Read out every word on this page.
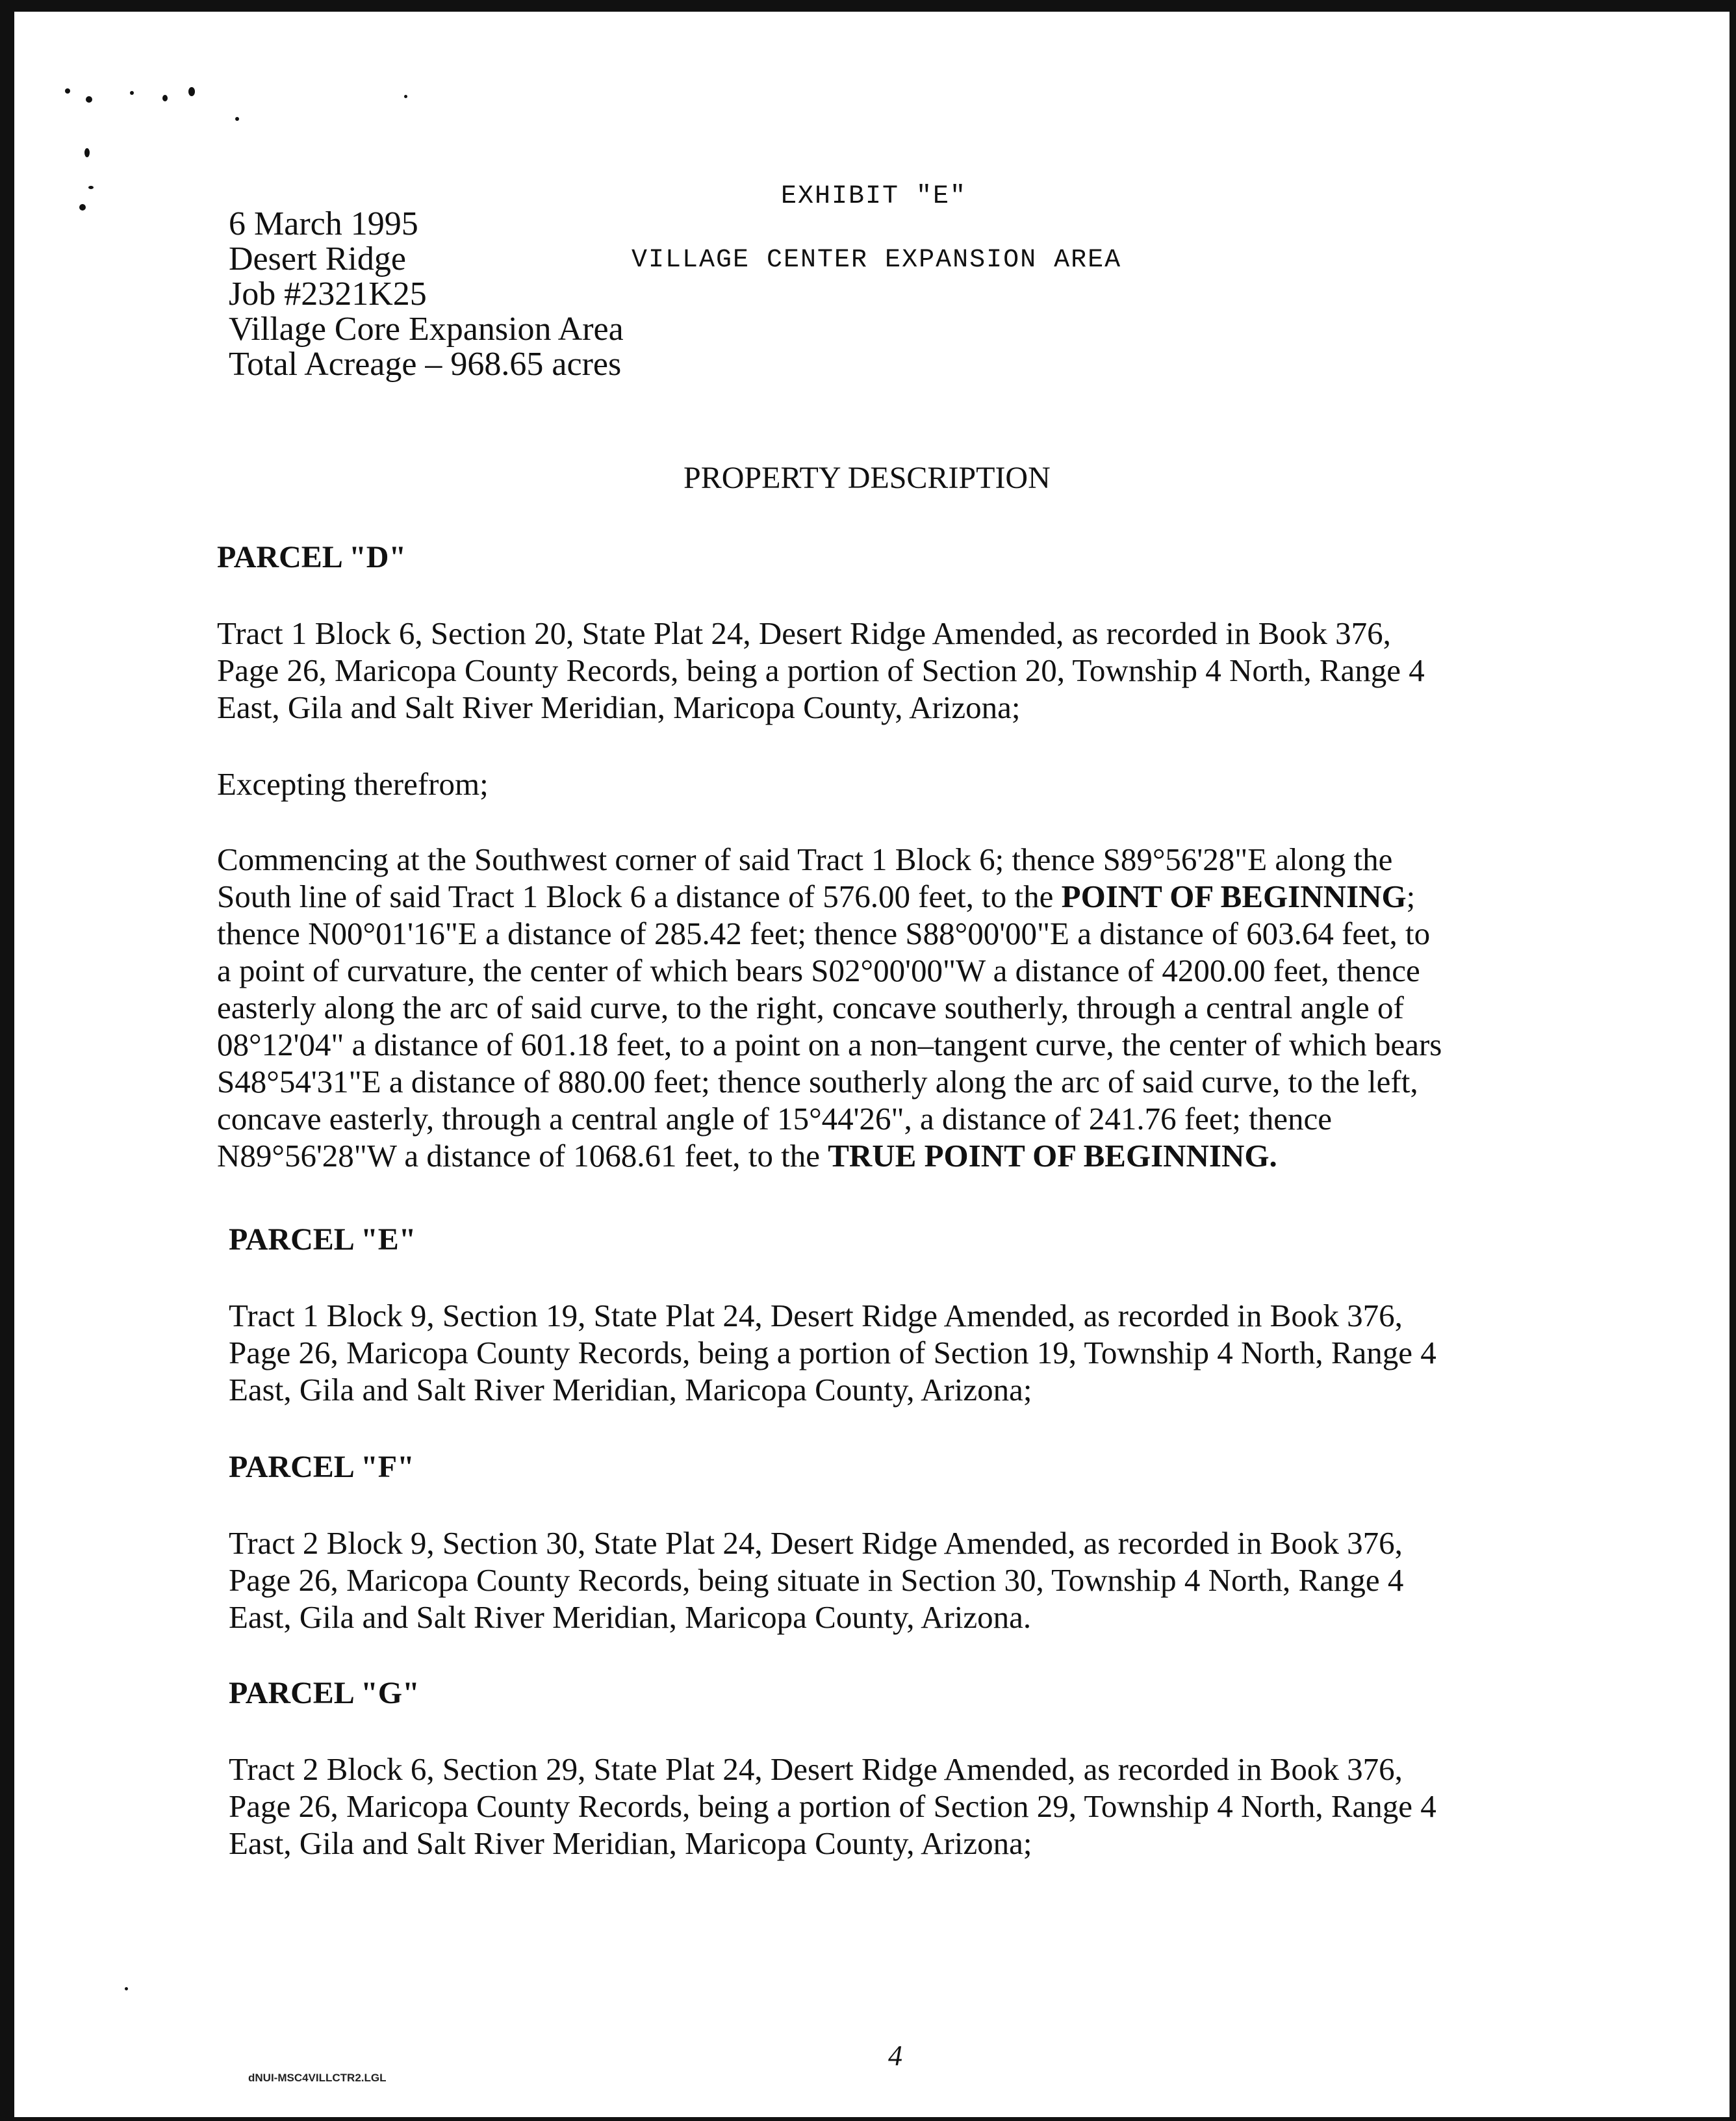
EXHIBIT "E"
VILLAGE CENTER EXPANSION AREA
6 March 1995
Desert Ridge
Job #2321K25
Village Core Expansion Area
Total Acreage – 968.65 acres
PROPERTY DESCRIPTION
PARCEL "D"
Tract 1 Block 6, Section 20, State Plat 24, Desert Ridge Amended, as recorded in Book 376,
Page 26, Maricopa County Records, being a portion of Section 20, Township 4 North, Range 4
East, Gila and Salt River Meridian, Maricopa County, Arizona;
Excepting therefrom;
Commencing at the Southwest corner of said Tract 1 Block 6; thence S89°56'28"E along the
South line of said Tract 1 Block 6 a distance of 576.00 feet, to the POINT OF BEGINNING;
thence N00°01'16"E a distance of 285.42 feet; thence S88°00'00"E a distance of 603.64 feet, to
a point of curvature, the center of which bears S02°00'00"W a distance of 4200.00 feet, thence
easterly along the arc of said curve, to the right, concave southerly, through a central angle of
08°12'04" a distance of 601.18 feet, to a point on a non–tangent curve, the center of which bears
S48°54'31"E a distance of 880.00 feet; thence southerly along the arc of said curve, to the left,
concave easterly, through a central angle of 15°44'26", a distance of 241.76 feet; thence
N89°56'28"W a distance of 1068.61 feet, to the TRUE POINT OF BEGINNING.
PARCEL "E"
Tract 1 Block 9, Section 19, State Plat 24, Desert Ridge Amended, as recorded in Book 376,
Page 26, Maricopa County Records, being a portion of Section 19, Township 4 North, Range 4
East, Gila and Salt River Meridian, Maricopa County, Arizona;
PARCEL "F"
Tract 2 Block 9, Section 30, State Plat 24, Desert Ridge Amended, as recorded in Book 376,
Page 26, Maricopa County Records, being situate in Section 30, Township 4 North, Range 4
East, Gila and Salt River Meridian, Maricopa County, Arizona.
PARCEL "G"
Tract 2 Block 6, Section 29, State Plat 24, Desert Ridge Amended, as recorded in Book 376,
Page 26, Maricopa County Records, being a portion of Section 29, Township 4 North, Range 4
East, Gila and Salt River Meridian, Maricopa County, Arizona;
dNUI-MSC4VILLCTR2.LGL
4
